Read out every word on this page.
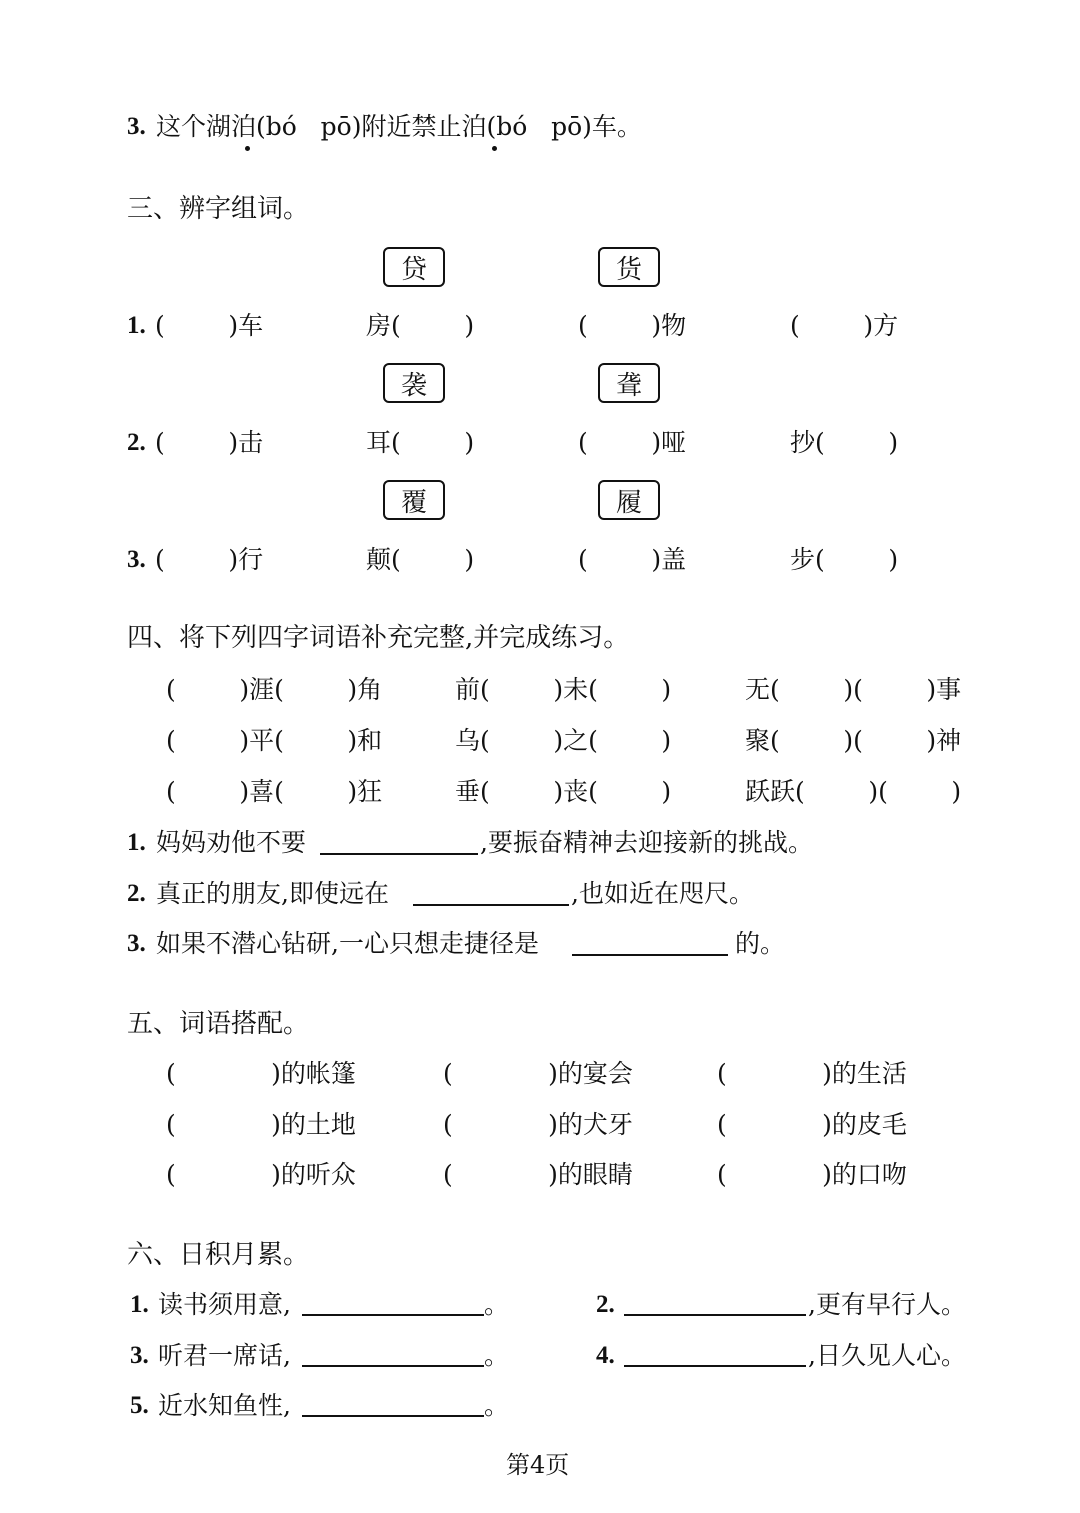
3. 这个湖泊(bó   pō)附近禁止泊(bó   pō)车。
三、辨字组词。
贷	货
1. (        )车	房(        )	(        )物	(        )方
袭	聋
2. (        )击	耳(        )	(        )哑	抄(        )
覆	履
3. (        )行	颠(        )	(        )盖	步(        )
四、将下列四字词语补充完整,并完成练习。
(        )涯(        )角	前(        )未(        )	无(        )(        )事
(        )平(        )和	乌(        )之(        )	聚(        )(        )神
(        )喜(        )狂	垂(        )丧(        )	跃跃(        )(        )
1. 妈妈劝他不要	,要振奋精神去迎接新的挑战。
2. 真正的朋友,即使远在	,也如近在咫尺。
3. 如果不潜心钻研,一心只想走捷径是	的。
五、词语搭配。
(            )的帐篷	(            )的宴会	(            )的生活
(            )的土地	(            )的犬牙	(            )的皮毛
(            )的听众	(            )的眼睛	(            )的口吻
六、日积月累。
1. 读书须用意,	。	2.	,更有早行人。
3. 听君一席话,	。	4.	,日久见人心。
5. 近水知鱼性,	。
第4页
